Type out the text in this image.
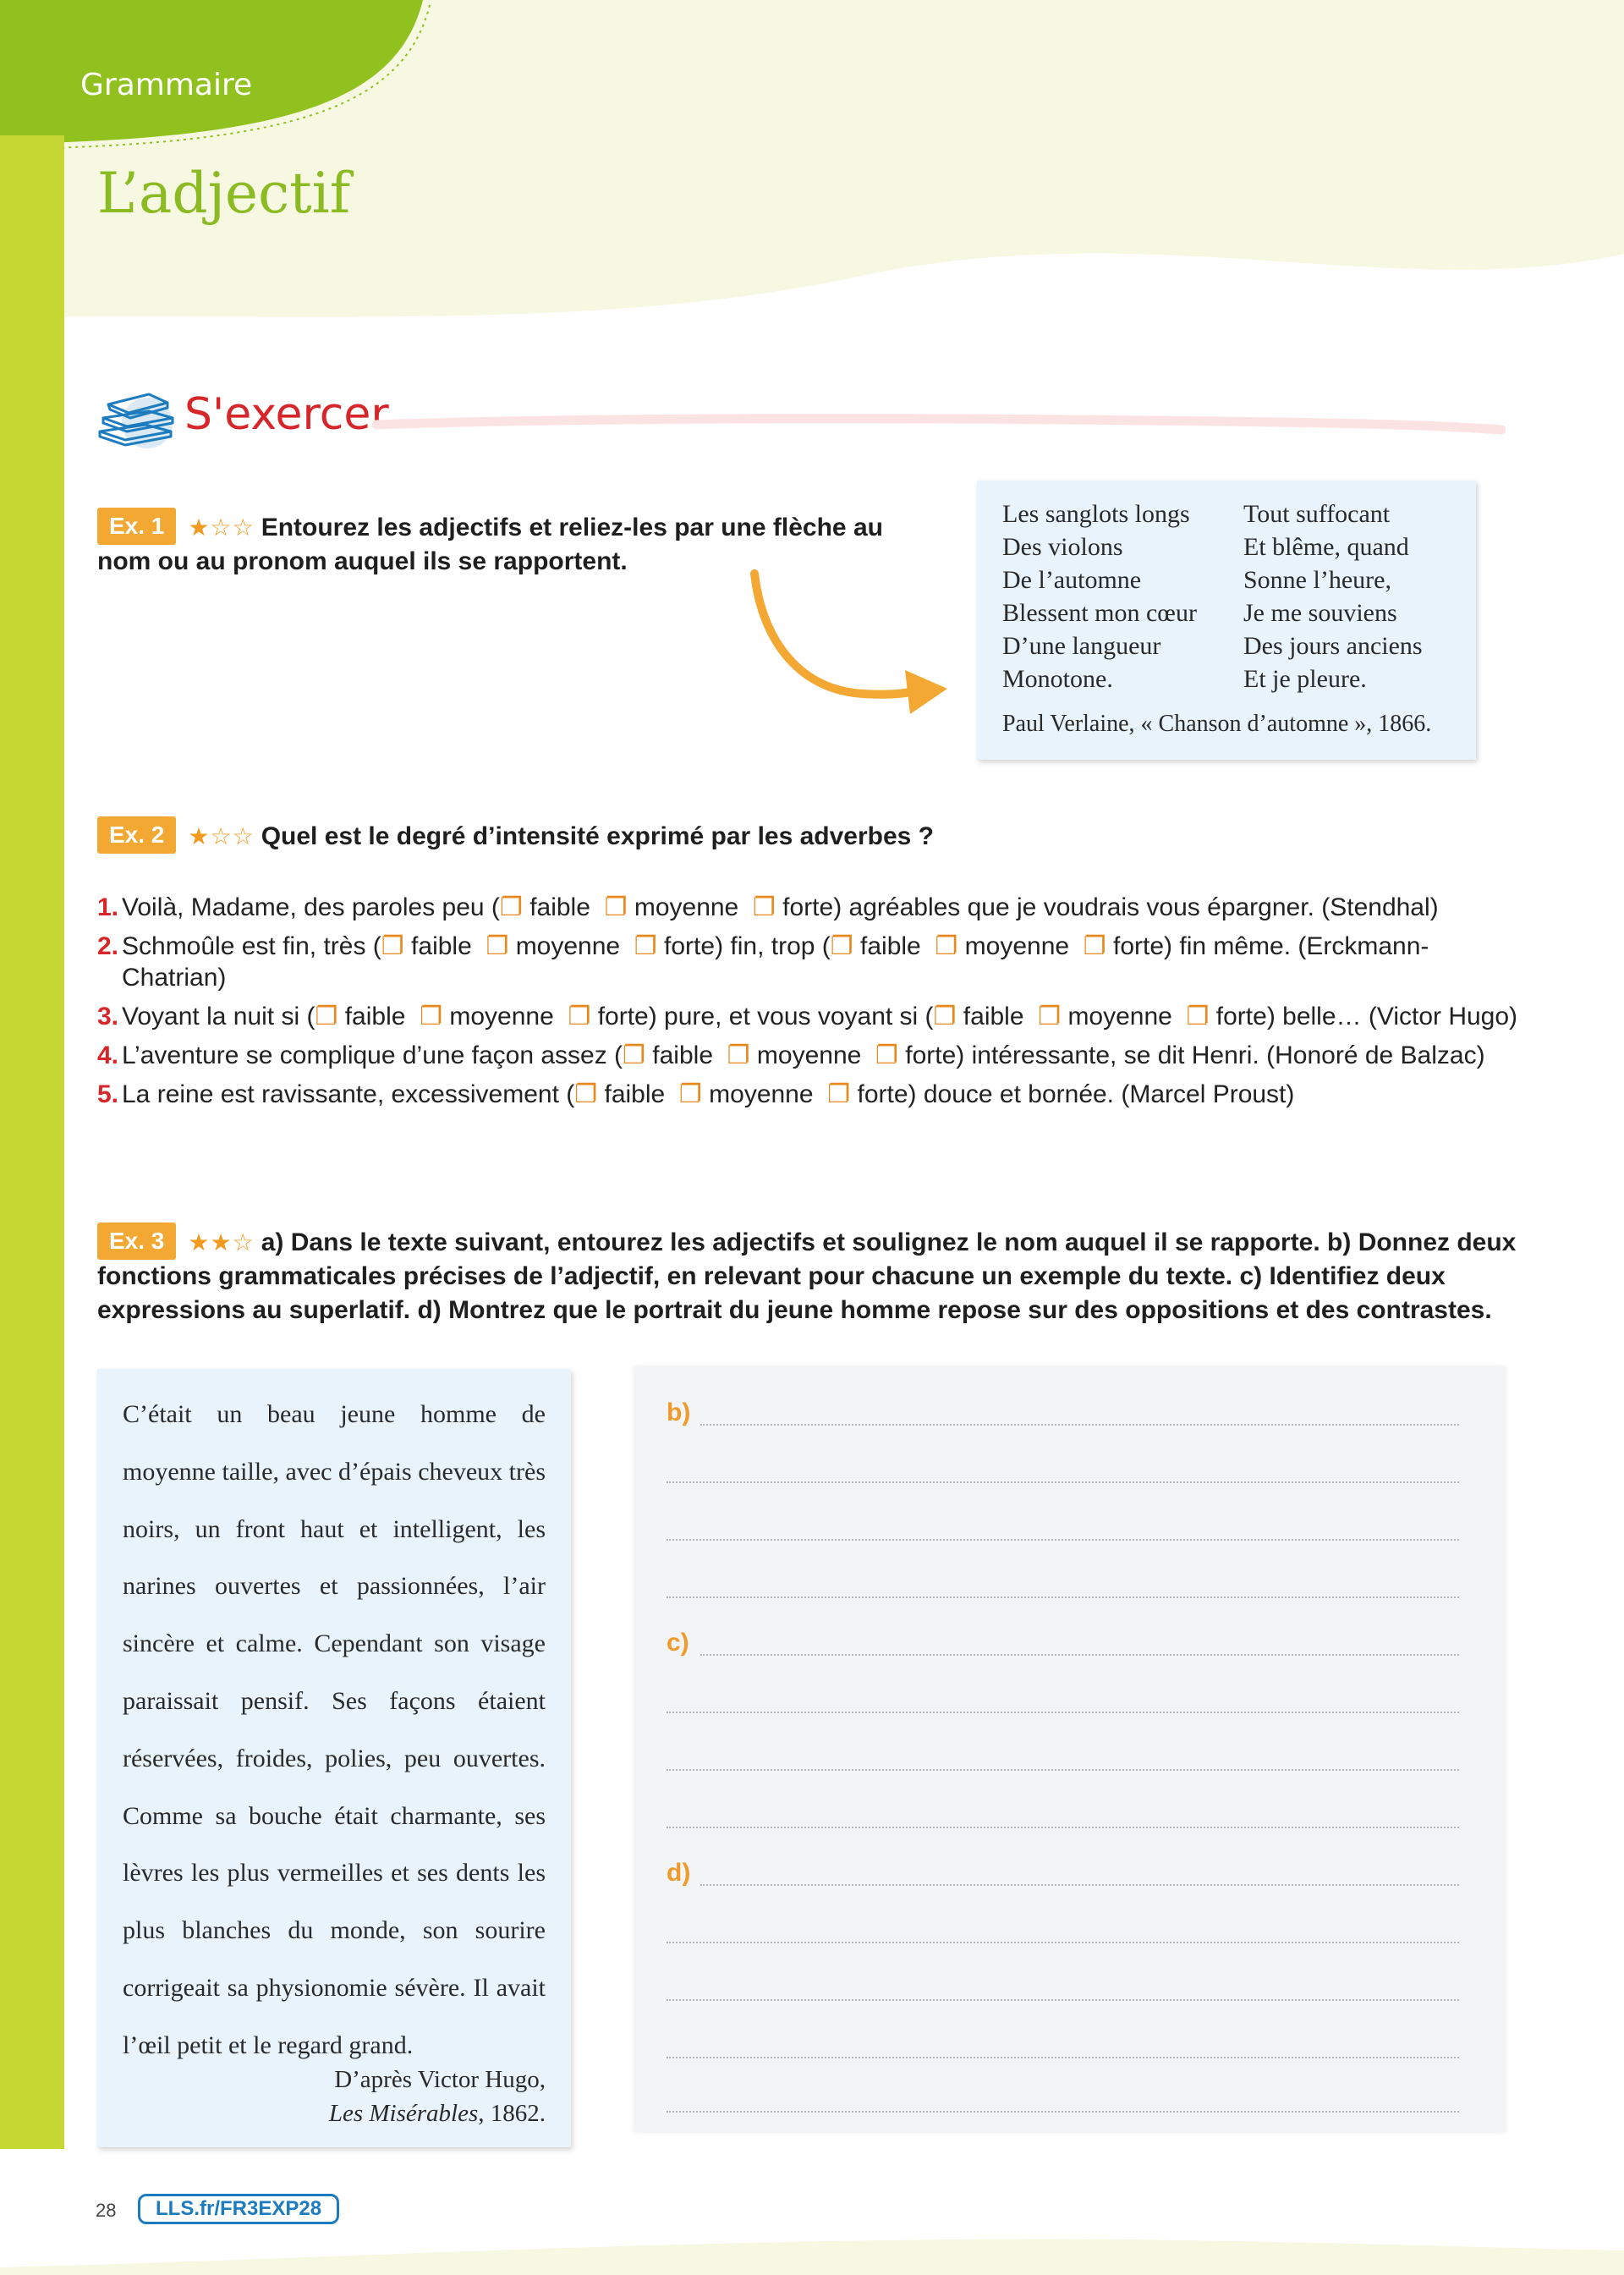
Grammaire
L’adjectif
S'exercer
Ex. 1 ★☆☆ Entourez les adjectifs et reliez-les par une flèche au nom ou au pronom auquel ils se rapportent.
Les sanglots longs
Des violons
De l’automne
Blessent mon cœur
D’une langueur
Monotone.
Tout suffocant
Et blême, quand
Sonne l’heure,
Je me souviens
Des jours anciens
Et je pleure.
Paul Verlaine, « Chanson d’automne », 1866.
Ex. 2 ★☆☆ Quel est le degré d’intensité exprimé par les adverbes ?
1. Voilà, Madame, des paroles peu (❐ faible ❐ moyenne ❐ forte) agréables que je voudrais vous épargner. (Stendhal)
2. Schmoûle est fin, très (❐ faible ❐ moyenne ❐ forte) fin, trop (❐ faible ❐ moyenne ❐ forte) fin même. (Erckmann-Chatrian)
3. Voyant la nuit si (❐ faible ❐ moyenne ❐ forte) pure, et vous voyant si (❐ faible ❐ moyenne ❐ forte) belle… (Victor Hugo)
4. L’aventure se complique d’une façon assez (❐ faible ❐ moyenne ❐ forte) intéressante, se dit Henri. (Honoré de Balzac)
5. La reine est ravissante, excessivement (❐ faible ❐ moyenne ❐ forte) douce et bornée. (Marcel Proust)
Ex. 3 ★★☆ a) Dans le texte suivant, entourez les adjectifs et soulignez le nom auquel il se rapporte. b) Donnez deux fonctions grammaticales précises de l’adjectif, en relevant pour chacune un exemple du texte. c) Identifiez deux expressions au superlatif. d) Montrez que le portrait du jeune homme repose sur des oppositions et des contrastes.
C’était un beau jeune homme de moyenne taille, avec d’épais cheveux très noirs, un front haut et intelligent, les narines ouvertes et passionnées, l’air sincère et calme. Cependant son visage paraissait pensif. Ses façons étaient réservées, froides, polies, peu ouvertes. Comme sa bouche était charmante, ses lèvres les plus vermeilles et ses dents les plus blanches du monde, son sourire corrigeait sa physionomie sévère. Il avait l’œil petit et le regard grand.
D’après Victor Hugo,
Les Misérables, 1862.
b)
c)
d)
28	LLS.fr/FR3EXP28
